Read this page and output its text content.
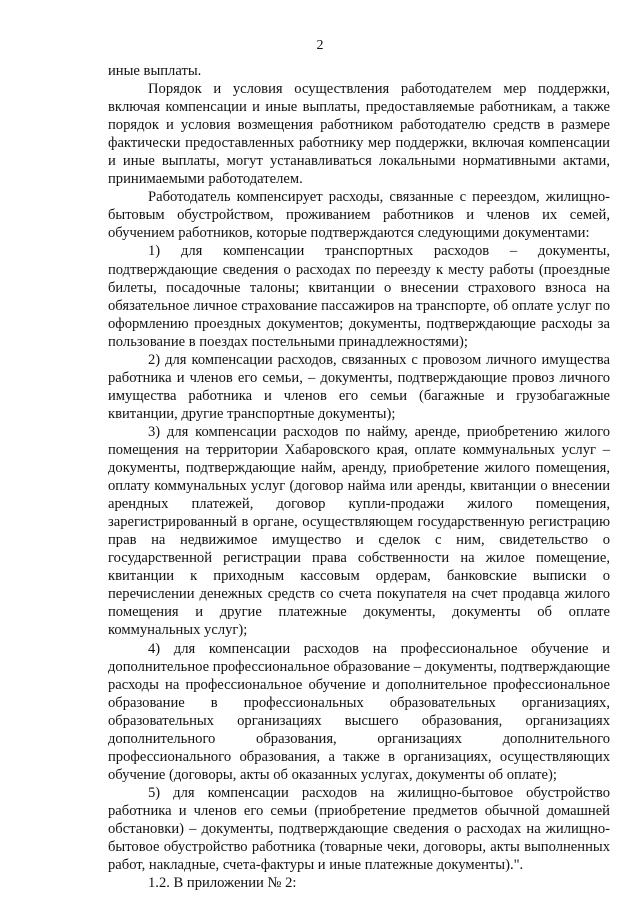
2

иные выплаты.

Порядок и условия осуществления работодателем мер поддержки, включая компенсации и иные выплаты, предоставляемые работникам, а также порядок и условия возмещения работником работодателю средств в размере фактически предоставленных работнику мер поддержки, включая компенсации и иные выплаты, могут устанавливаться локальными нормативными актами, принимаемыми работодателем.

Работодатель компенсирует расходы, связанные с переездом, жилищно-бытовым обустройством, проживанием работников и членов их семей, обучением работников, которые подтверждаются следующими документами:

1) для компенсации транспортных расходов – документы, подтверждающие сведения о расходах по переезду к месту работы (проездные билеты, посадочные талоны; квитанции о внесении страхового взноса на обязательное личное страхование пассажиров на транспорте, об оплате услуг по оформлению проездных документов; документы, подтверждающие расходы за пользование в поездах постельными принадлежностями);

2) для компенсации расходов, связанных с провозом личного имущества работника и членов его семьи, – документы, подтверждающие провоз личного имущества работника и членов его семьи (багажные и грузобагажные квитанции, другие транспортные документы);

3) для компенсации расходов по найму, аренде, приобретению жилого помещения на территории Хабаровского края, оплате коммунальных услуг – документы, подтверждающие найм, аренду, приобретение жилого помещения, оплату коммунальных услуг (договор найма или аренды, квитанции о внесении арендных платежей, договор купли-продажи жилого помещения, зарегистрированный в органе, осуществляющем государственную регистрацию прав на недвижимое имущество и сделок с ним, свидетельство о государственной регистрации права собственности на жилое помещение, квитанции к приходным кассовым ордерам, банковские выписки о перечислении денежных средств со счета покупателя на счет продавца жилого помещения и другие платежные документы, документы об оплате коммунальных услуг);

4) для компенсации расходов на профессиональное обучение и дополнительное профессиональное образование – документы, подтверждающие расходы на профессиональное обучение и дополнительное профессиональное образование в профессиональных образовательных организациях, образовательных организациях высшего образования, организациях дополнительного образования, организациях дополнительного профессионального образования, а также в организациях, осуществляющих обучение (договоры, акты об оказанных услугах, документы об оплате);

5) для компенсации расходов на жилищно-бытовое обустройство работника и членов его семьи (приобретение предметов обычной домашней обстановки) – документы, подтверждающие сведения о расходах на жилищно-бытовое обустройство работника (товарные чеки, договоры, акты выполненных работ, накладные, счета-фактуры и иные платежные документы).".

1.2. В приложении № 2:
